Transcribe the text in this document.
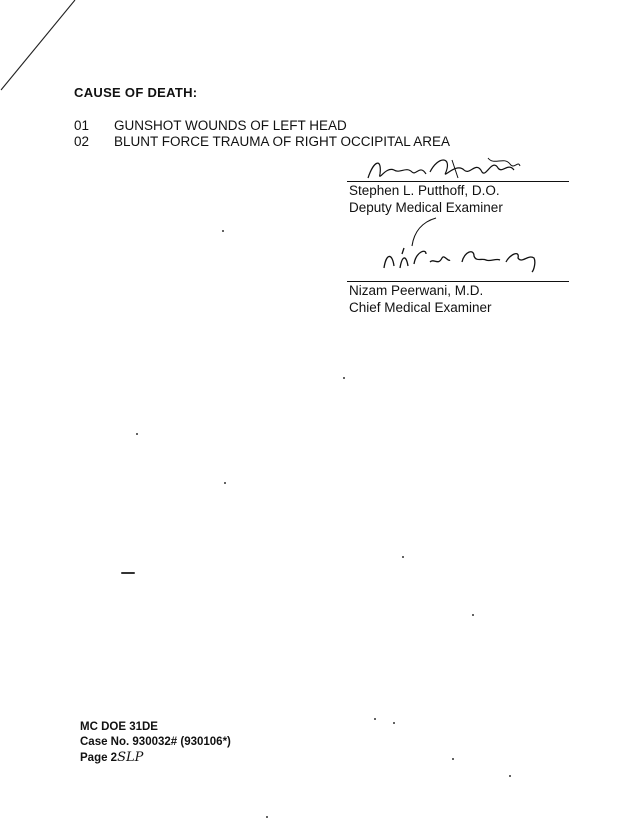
CAUSE OF DEATH:
01	GUNSHOT WOUNDS OF LEFT HEAD
02	BLUNT FORCE TRAUMA OF RIGHT OCCIPITAL AREA
Stephen L. Putthoff, D.O.
Deputy Medical Examiner
Nizam Peerwani, M.D.
Chief Medical Examiner
MC DOE 31DE
Case No. 930032# (930106*)
Page 2SLP
